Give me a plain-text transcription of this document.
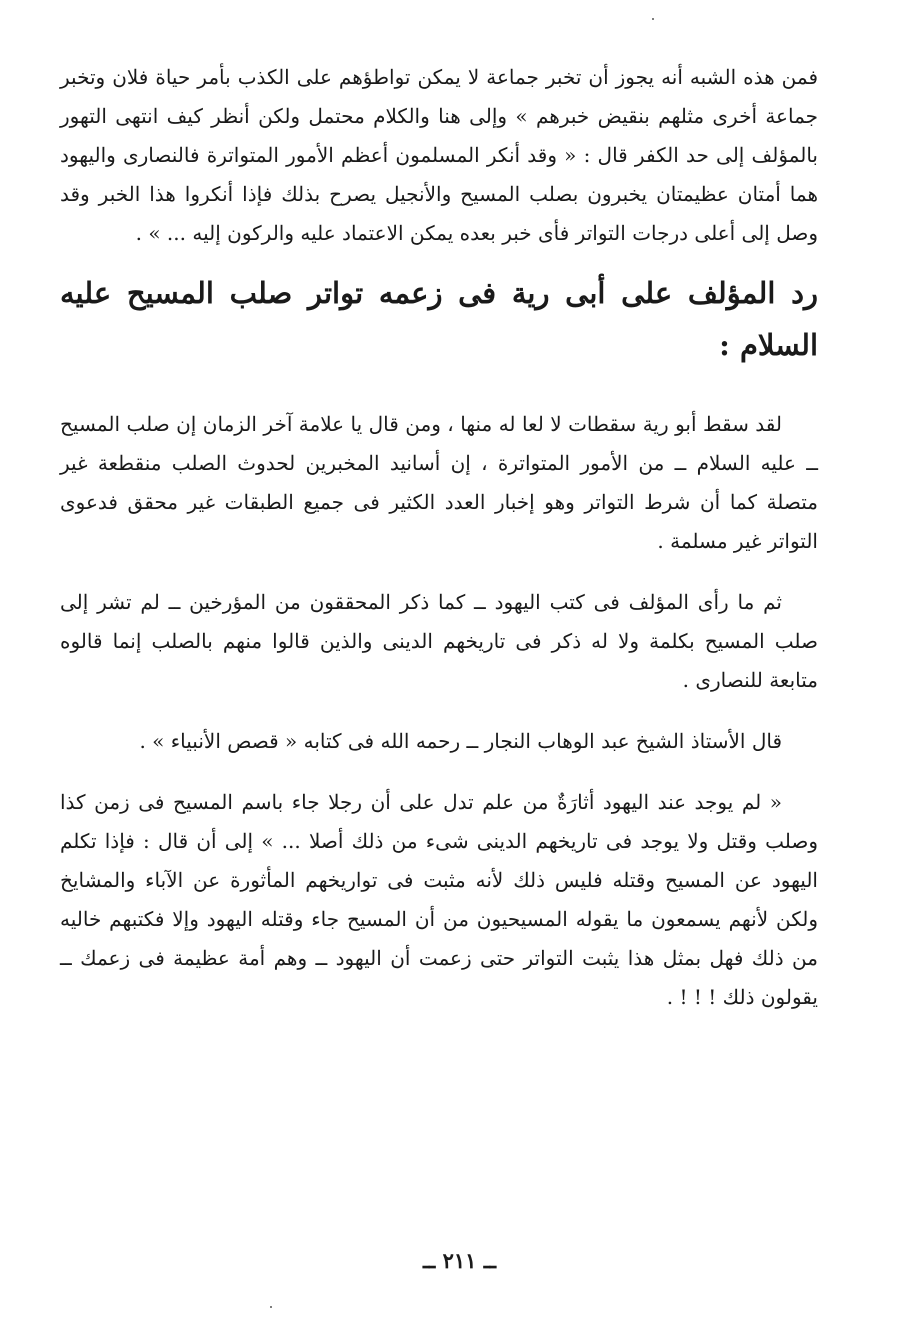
فمن هذه الشبه أنه يجوز أن تخبر جماعة لا يمكن تواطؤهم على الكذب بأمر حياة فلان وتخبر جماعة أخرى مثلهم بنقيض خبرهم » وإلى هنا والكلام محتمل ولكن أنظر كيف انتهى التهور بالمؤلف إلى حد الكفر قال : « وقد أنكر المسلمون أعظم الأمور المتواترة فالنصارى واليهود هما أمتان عظيمتان يخبرون بصلب المسيح والأنجيل يصرح بذلك فإذا أنكروا هذا الخبر وقد وصل إلى أعلى درجات التواتر فأى خبر بعده يمكن الاعتماد عليه والركون إليه ... » .

رد المؤلف على أبى رية فى زعمه تواتر صلب المسيح عليه السلام :

لقد سقط أبو رية سقطات لا لعا له منها ، ومن قال يا علامة آخر الزمان إن صلب المسيح ــ عليه السلام ــ من الأمور المتواترة ، إن أسانيد المخبرين لحدوث الصلب منقطعة غير متصلة كما أن شرط التواتر وهو إخبار العدد الكثير فى جميع الطبقات غير محقق فدعوى التواتر غير مسلمة .

ثم ما رأى المؤلف فى كتب اليهود ــ كما ذكر المحققون من المؤرخين ــ لم تشر إلى صلب المسيح بكلمة ولا له ذكر فى تاريخهم الدينى والذين قالوا منهم بالصلب إنما قالوه متابعة للنصارى .

قال الأستاذ الشيخ عبد الوهاب النجار ــ رحمه الله فى كتابه « قصص الأنبياء » .

« لم يوجد عند اليهود أثارَةٌ من علم تدل على أن رجلا جاء باسم المسيح فى زمن كذا وصلب وقتل ولا يوجد فى تاريخهم الدينى شىء من ذلك أصلا ... » إلى أن قال : فإذا تكلم اليهود عن المسيح وقتله فليس ذلك لأنه مثبت فى تواريخهم المأثورة عن الآباء والمشايخ ولكن لأنهم يسمعون ما يقوله المسيحيون من أن المسيح جاء وقتله اليهود وإلا فكتبهم خاليه من ذلك فهل بمثل هذا يثبت التواتر حتى زعمت أن اليهود ــ وهم أمة عظيمة فى زعمك ــ يقولون ذلك ! ! ! .

ــ ٢١١ ــ
